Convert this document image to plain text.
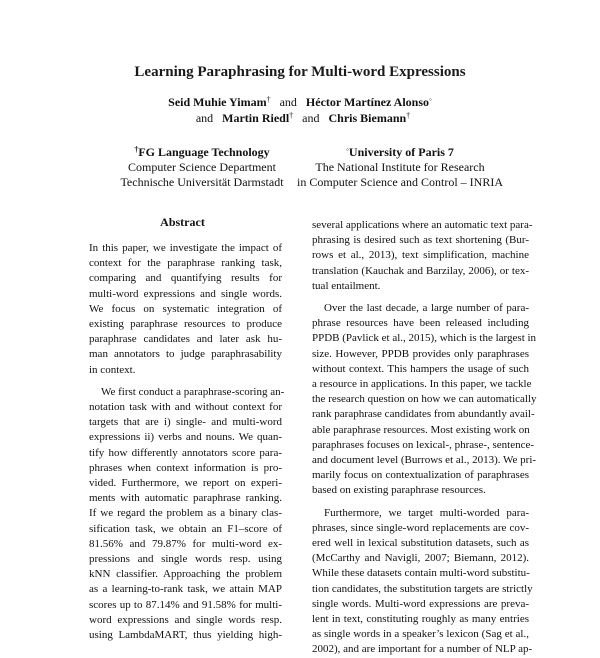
Learning Paraphrasing for Multi-word Expressions
Seid Muhie Yimam† and Héctor Martínez Alonso◦
and Martin Riedl† and Chris Biemann†
†FG Language Technology
Computer Science Department
Technische Universität Darmstadt
◦University of Paris 7
The National Institute for Research
in Computer Science and Control – INRIA
Abstract
In this paper, we investigate the impact of
context for the paraphrase ranking task,
comparing and quantifying results for
multi-word expressions and single words.
We focus on systematic integration of
existing paraphrase resources to produce
paraphrase candidates and later ask hu-
man annotators to judge paraphrasability
in context.
We first conduct a paraphrase-scoring an-
notation task with and without context for
targets that are i) single- and multi-word
expressions ii) verbs and nouns. We quan-
tify how differently annotators score para-
phrases when context information is pro-
vided. Furthermore, we report on experi-
ments with automatic paraphrase ranking.
If we regard the problem as a binary clas-
sification task, we obtain an F1–score of
81.56% and 79.87% for multi-word ex-
pressions and single words resp. using
kNN classifier. Approaching the problem
as a learning-to-rank task, we attain MAP
scores up to 87.14% and 91.58% for multi-
word expressions and single words resp.
using LambdaMART, thus yielding high-
several applications where an automatic text para-
phrasing is desired such as text shortening (Bur-
rows et al., 2013), text simplification, machine
translation (Kauchak and Barzilay, 2006), or tex-
tual entailment.
Over the last decade, a large number of para-
phrase resources have been released including
PPDB (Pavlick et al., 2015), which is the largest in
size. However, PPDB provides only paraphrases
without context. This hampers the usage of such
a resource in applications. In this paper, we tackle
the research question on how we can automatically
rank paraphrase candidates from abundantly avail-
able paraphrase resources. Most existing work on
paraphrases focuses on lexical-, phrase-, sentence-
and document level (Burrows et al., 2013). We pri-
marily focus on contextualization of paraphrases
based on existing paraphrase resources.
Furthermore, we target multi-worded para-
phrases, since single-word replacements are cov-
ered well in lexical substitution datasets, such as
(McCarthy and Navigli, 2007; Biemann, 2012).
While these datasets contain multi-word substitu-
tion candidates, the substitution targets are strictly
single words. Multi-word expressions are preva-
lent in text, constituting roughly as many entries
as single words in a speaker’s lexicon (Sag et al.,
2002), and are important for a number of NLP ap-
